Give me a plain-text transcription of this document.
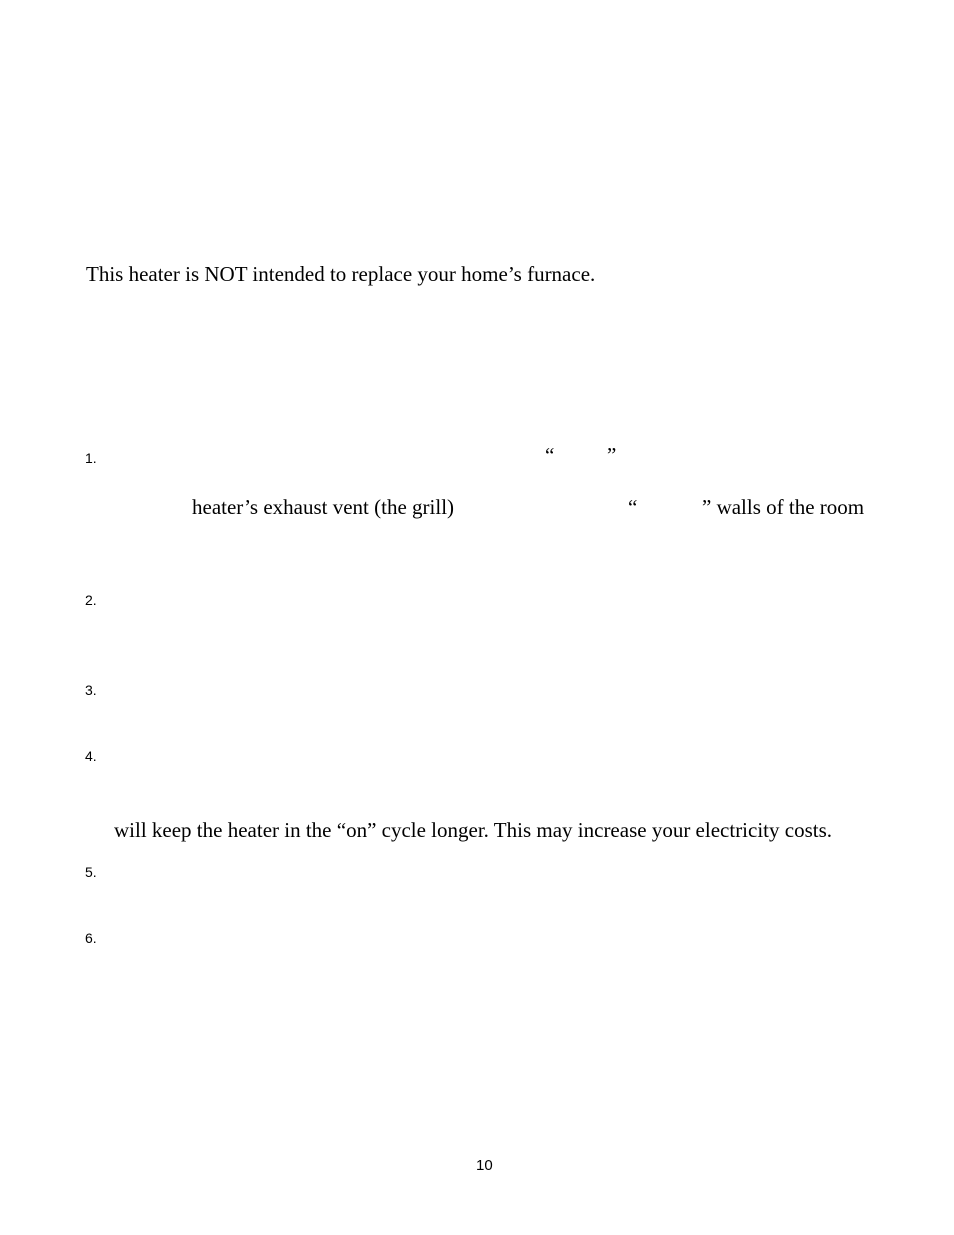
This heater is NOT intended to replace your home’s furnace.
1.	“	”
heater’s exhaust vent (the grill)	“	” walls of the room
2.
3.
4.
will keep the heater in the “on” cycle longer. This may increase your electricity costs.
5.
6.
10
